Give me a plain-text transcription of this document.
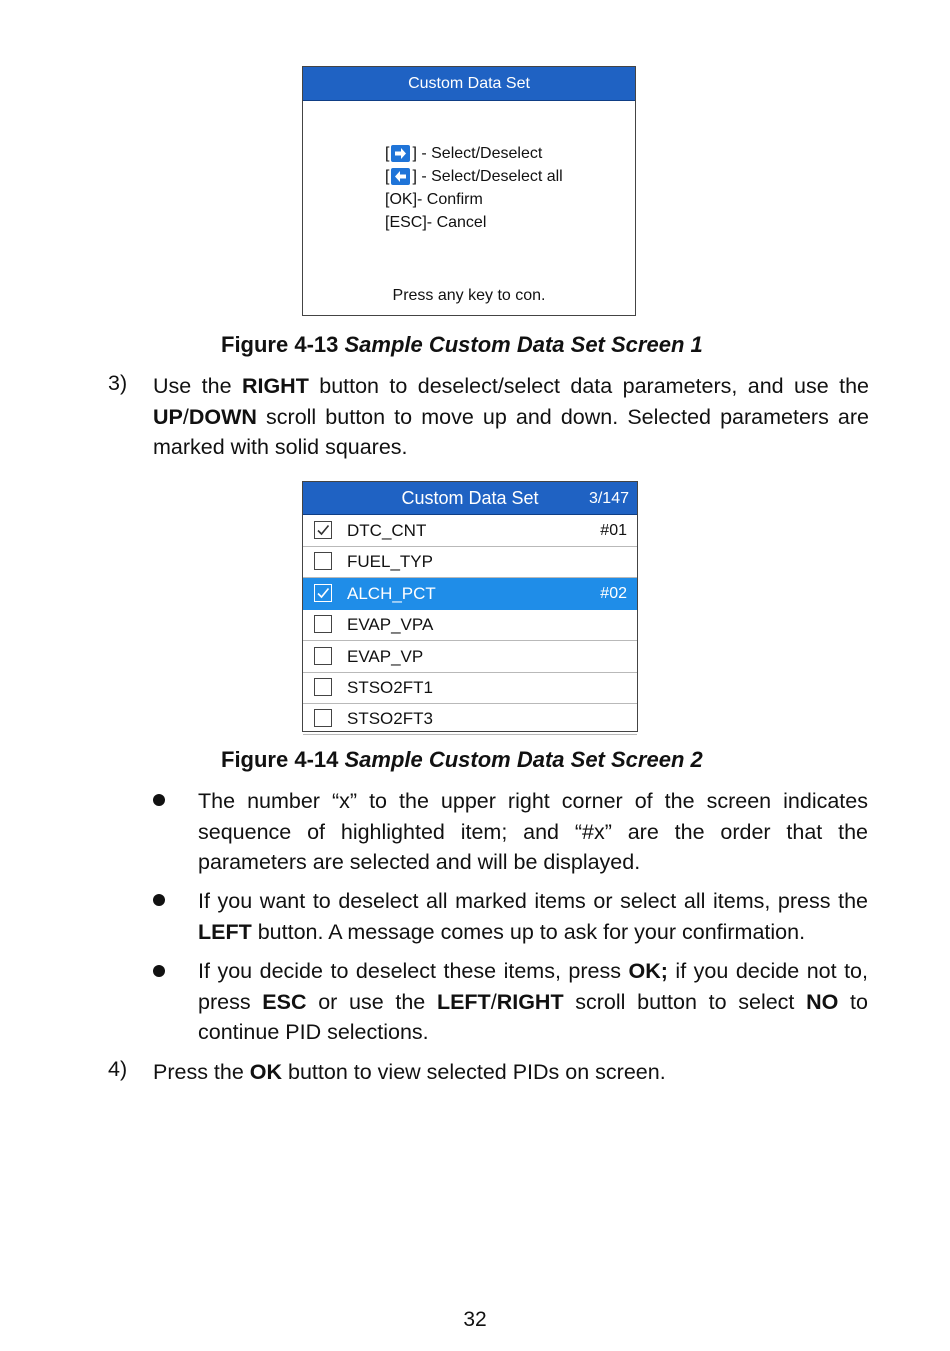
Custom Data Set
[ ] - Select/Deselect
[ ] - Select/Deselect all
[OK] - Confirm
[ESC] - Cancel
Press any key to con.
Figure 4-13 Sample Custom Data Set Screen 1
3) Use the RIGHT button to deselect/select data parameters, and use the UP/DOWN scroll button to move up and down. Selected parameters are marked with solid squares.
Custom Data Set	3/147
DTC_CNT	#01
FUEL_TYP
ALCH_PCT	#02
EVAP_VPA
EVAP_VP
STSO2FT1
STSO2FT3
Figure 4-14 Sample Custom Data Set Screen 2
The number “x” to the upper right corner of the screen indicates sequence of highlighted item; and “#x” are the order that the parameters are selected and will be displayed.
If you want to deselect all marked items or select all items, press the LEFT button. A message comes up to ask for your confirmation.
If you decide to deselect these items, press OK; if you decide not to, press ESC or use the LEFT/RIGHT scroll button to select NO to continue PID selections.
4) Press the OK button to view selected PIDs on screen.
32
